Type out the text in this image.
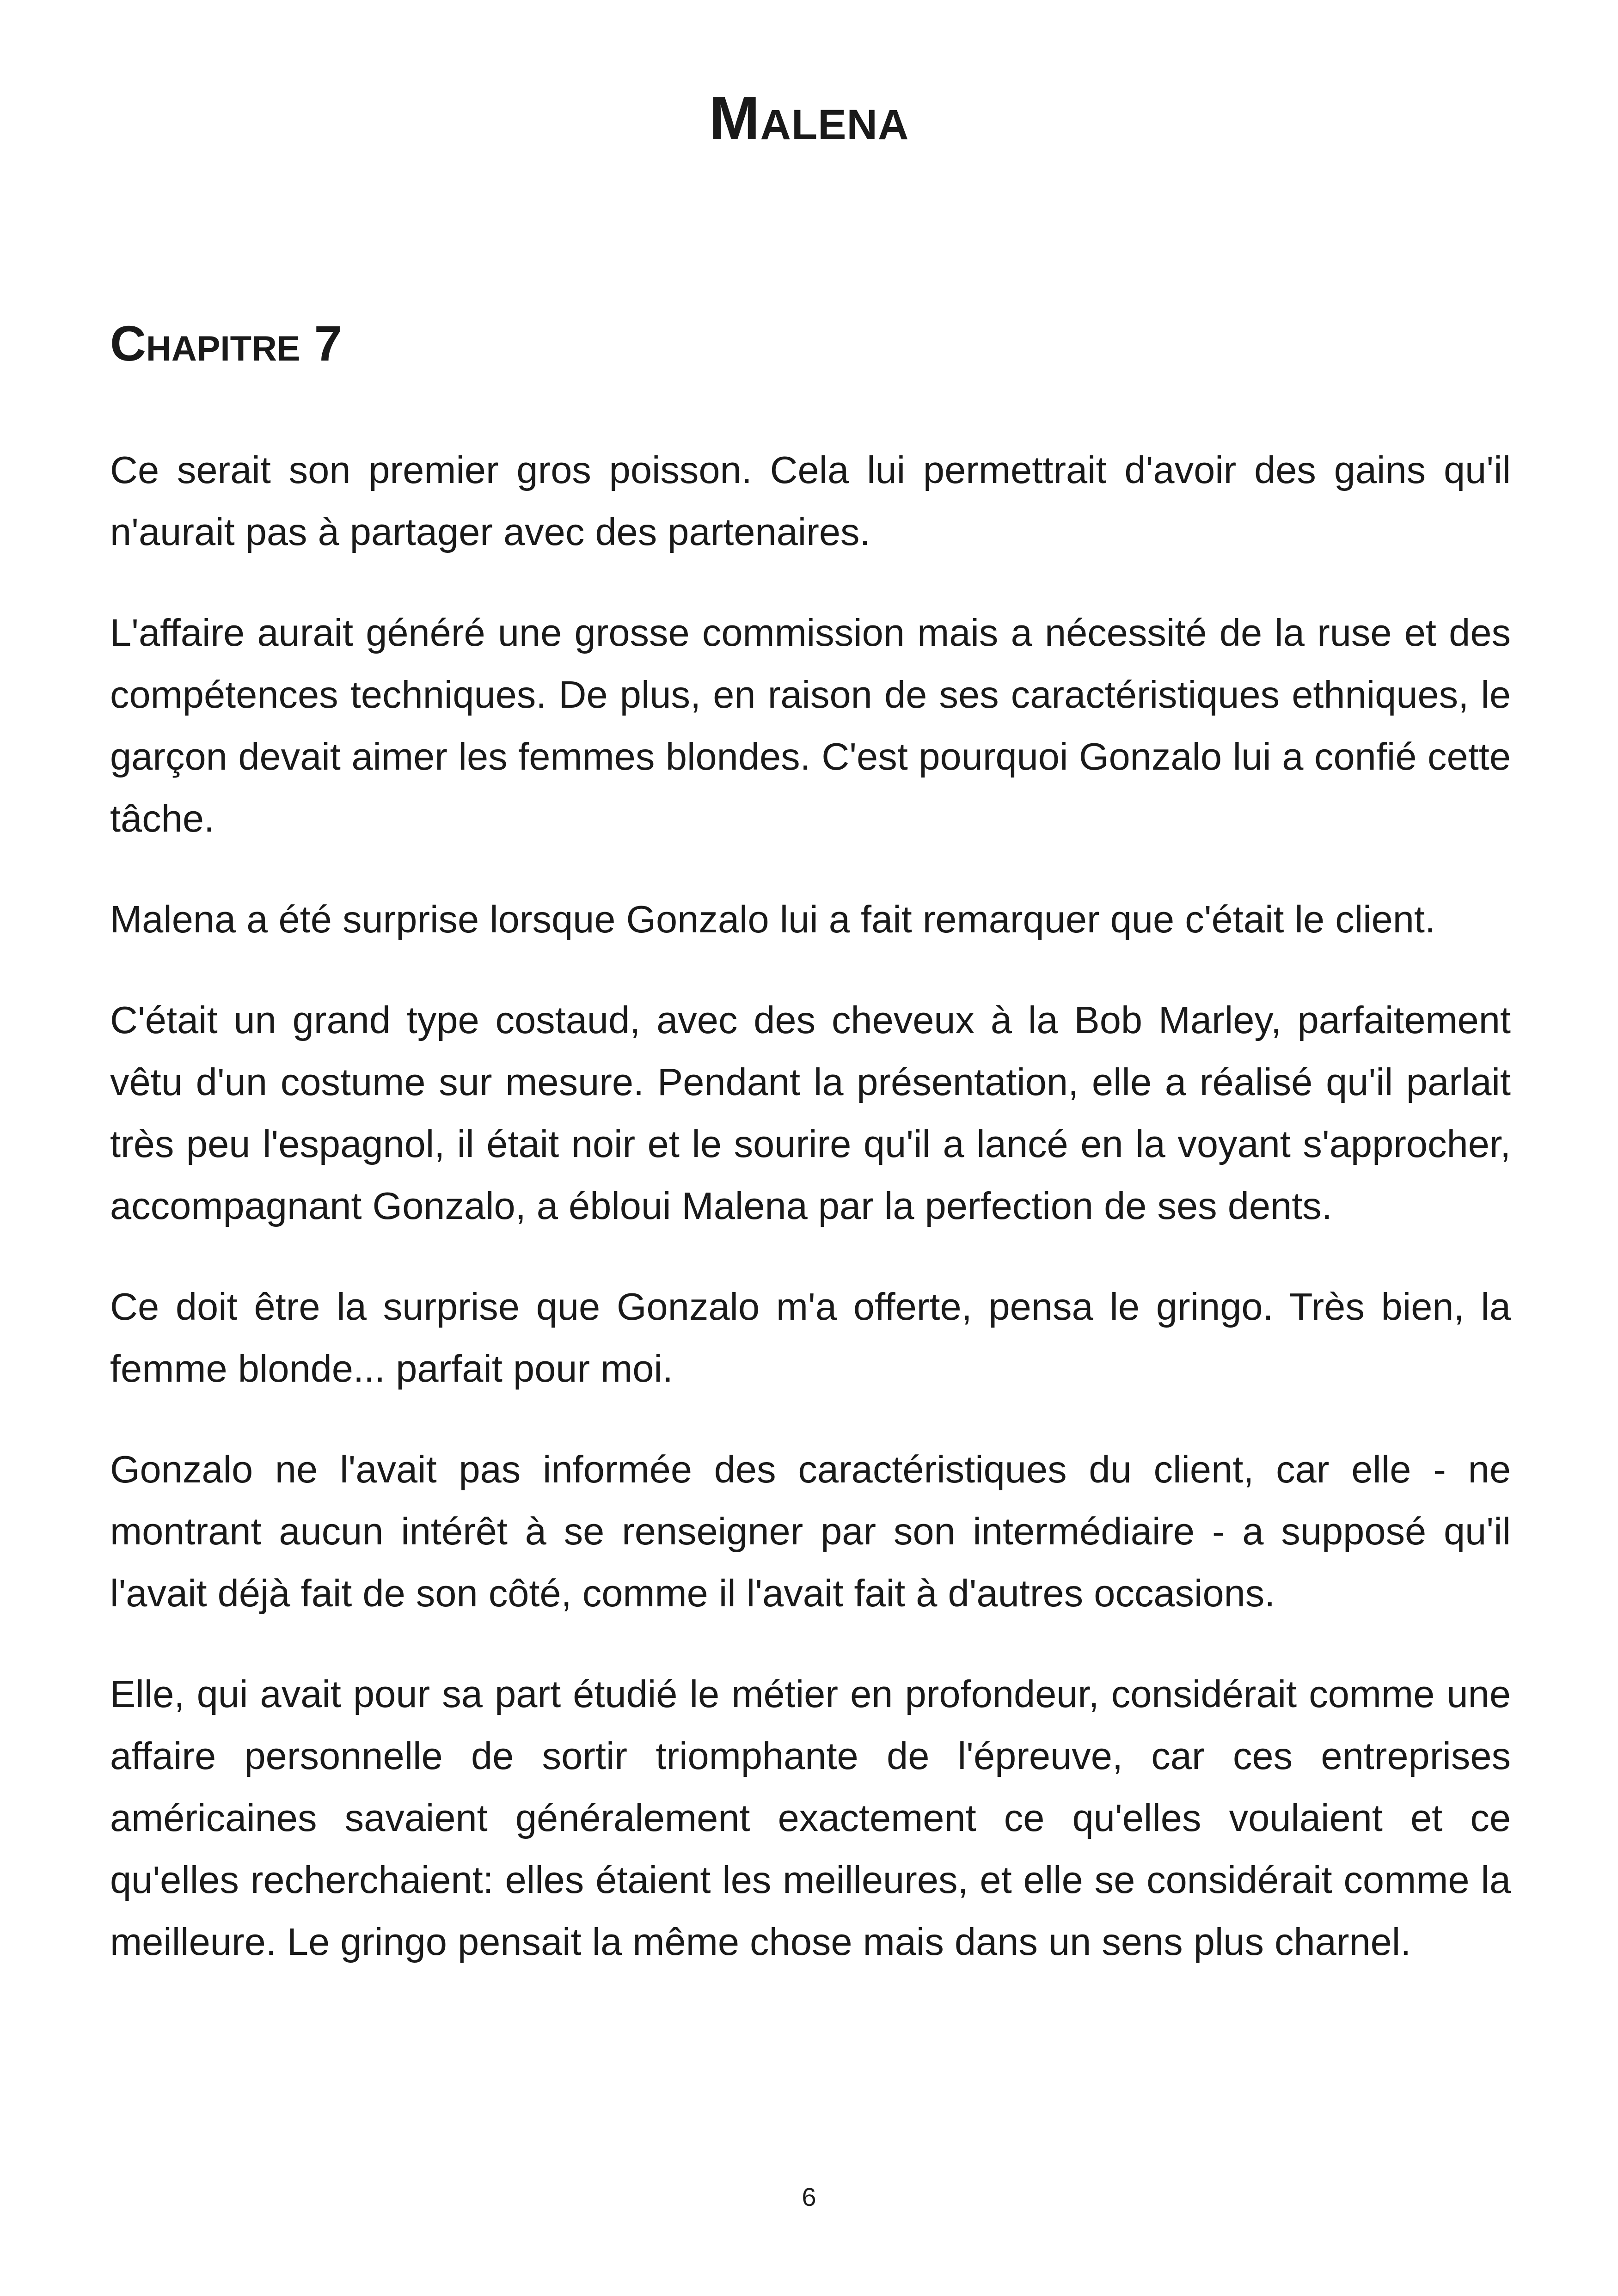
Malena
Chapitre 7

Ce serait son premier gros poisson. Cela lui permettrait d'avoir des gains qu'il n'aurait pas à partager avec des partenaires.

L'affaire aurait généré une grosse commission mais a nécessité de la ruse et des compétences techniques. De plus, en raison de ses caractéristiques ethniques, le garçon devait aimer les femmes blondes. C'est pourquoi Gonzalo lui a confié cette tâche.

Malena a été surprise lorsque Gonzalo lui a fait remarquer que c'était le client.

C'était un grand type costaud, avec des cheveux à la Bob Marley, parfaitement vêtu d'un costume sur mesure. Pendant la présentation, elle a réalisé qu'il parlait très peu l'espagnol, il était noir et le sourire qu'il a lancé en la voyant s'approcher, accompagnant Gonzalo, a ébloui Malena par la perfection de ses dents.

Ce doit être la surprise que Gonzalo m'a offerte, pensa le gringo. Très bien, la femme blonde... parfait pour moi.

Gonzalo ne l'avait pas informée des caractéristiques du client, car elle - ne montrant aucun intérêt à se renseigner par son intermédiaire - a supposé qu'il l'avait déjà fait de son côté, comme il l'avait fait à d'autres occasions.

Elle, qui avait pour sa part étudié le métier en profondeur, considérait comme une affaire personnelle de sortir triomphante de l'épreuve, car ces entreprises américaines savaient généralement exactement ce qu'elles voulaient et ce qu'elles recherchaient: elles étaient les meilleures, et elle se considérait comme la meilleure. Le gringo pensait la même chose mais dans un sens plus charnel.

6
